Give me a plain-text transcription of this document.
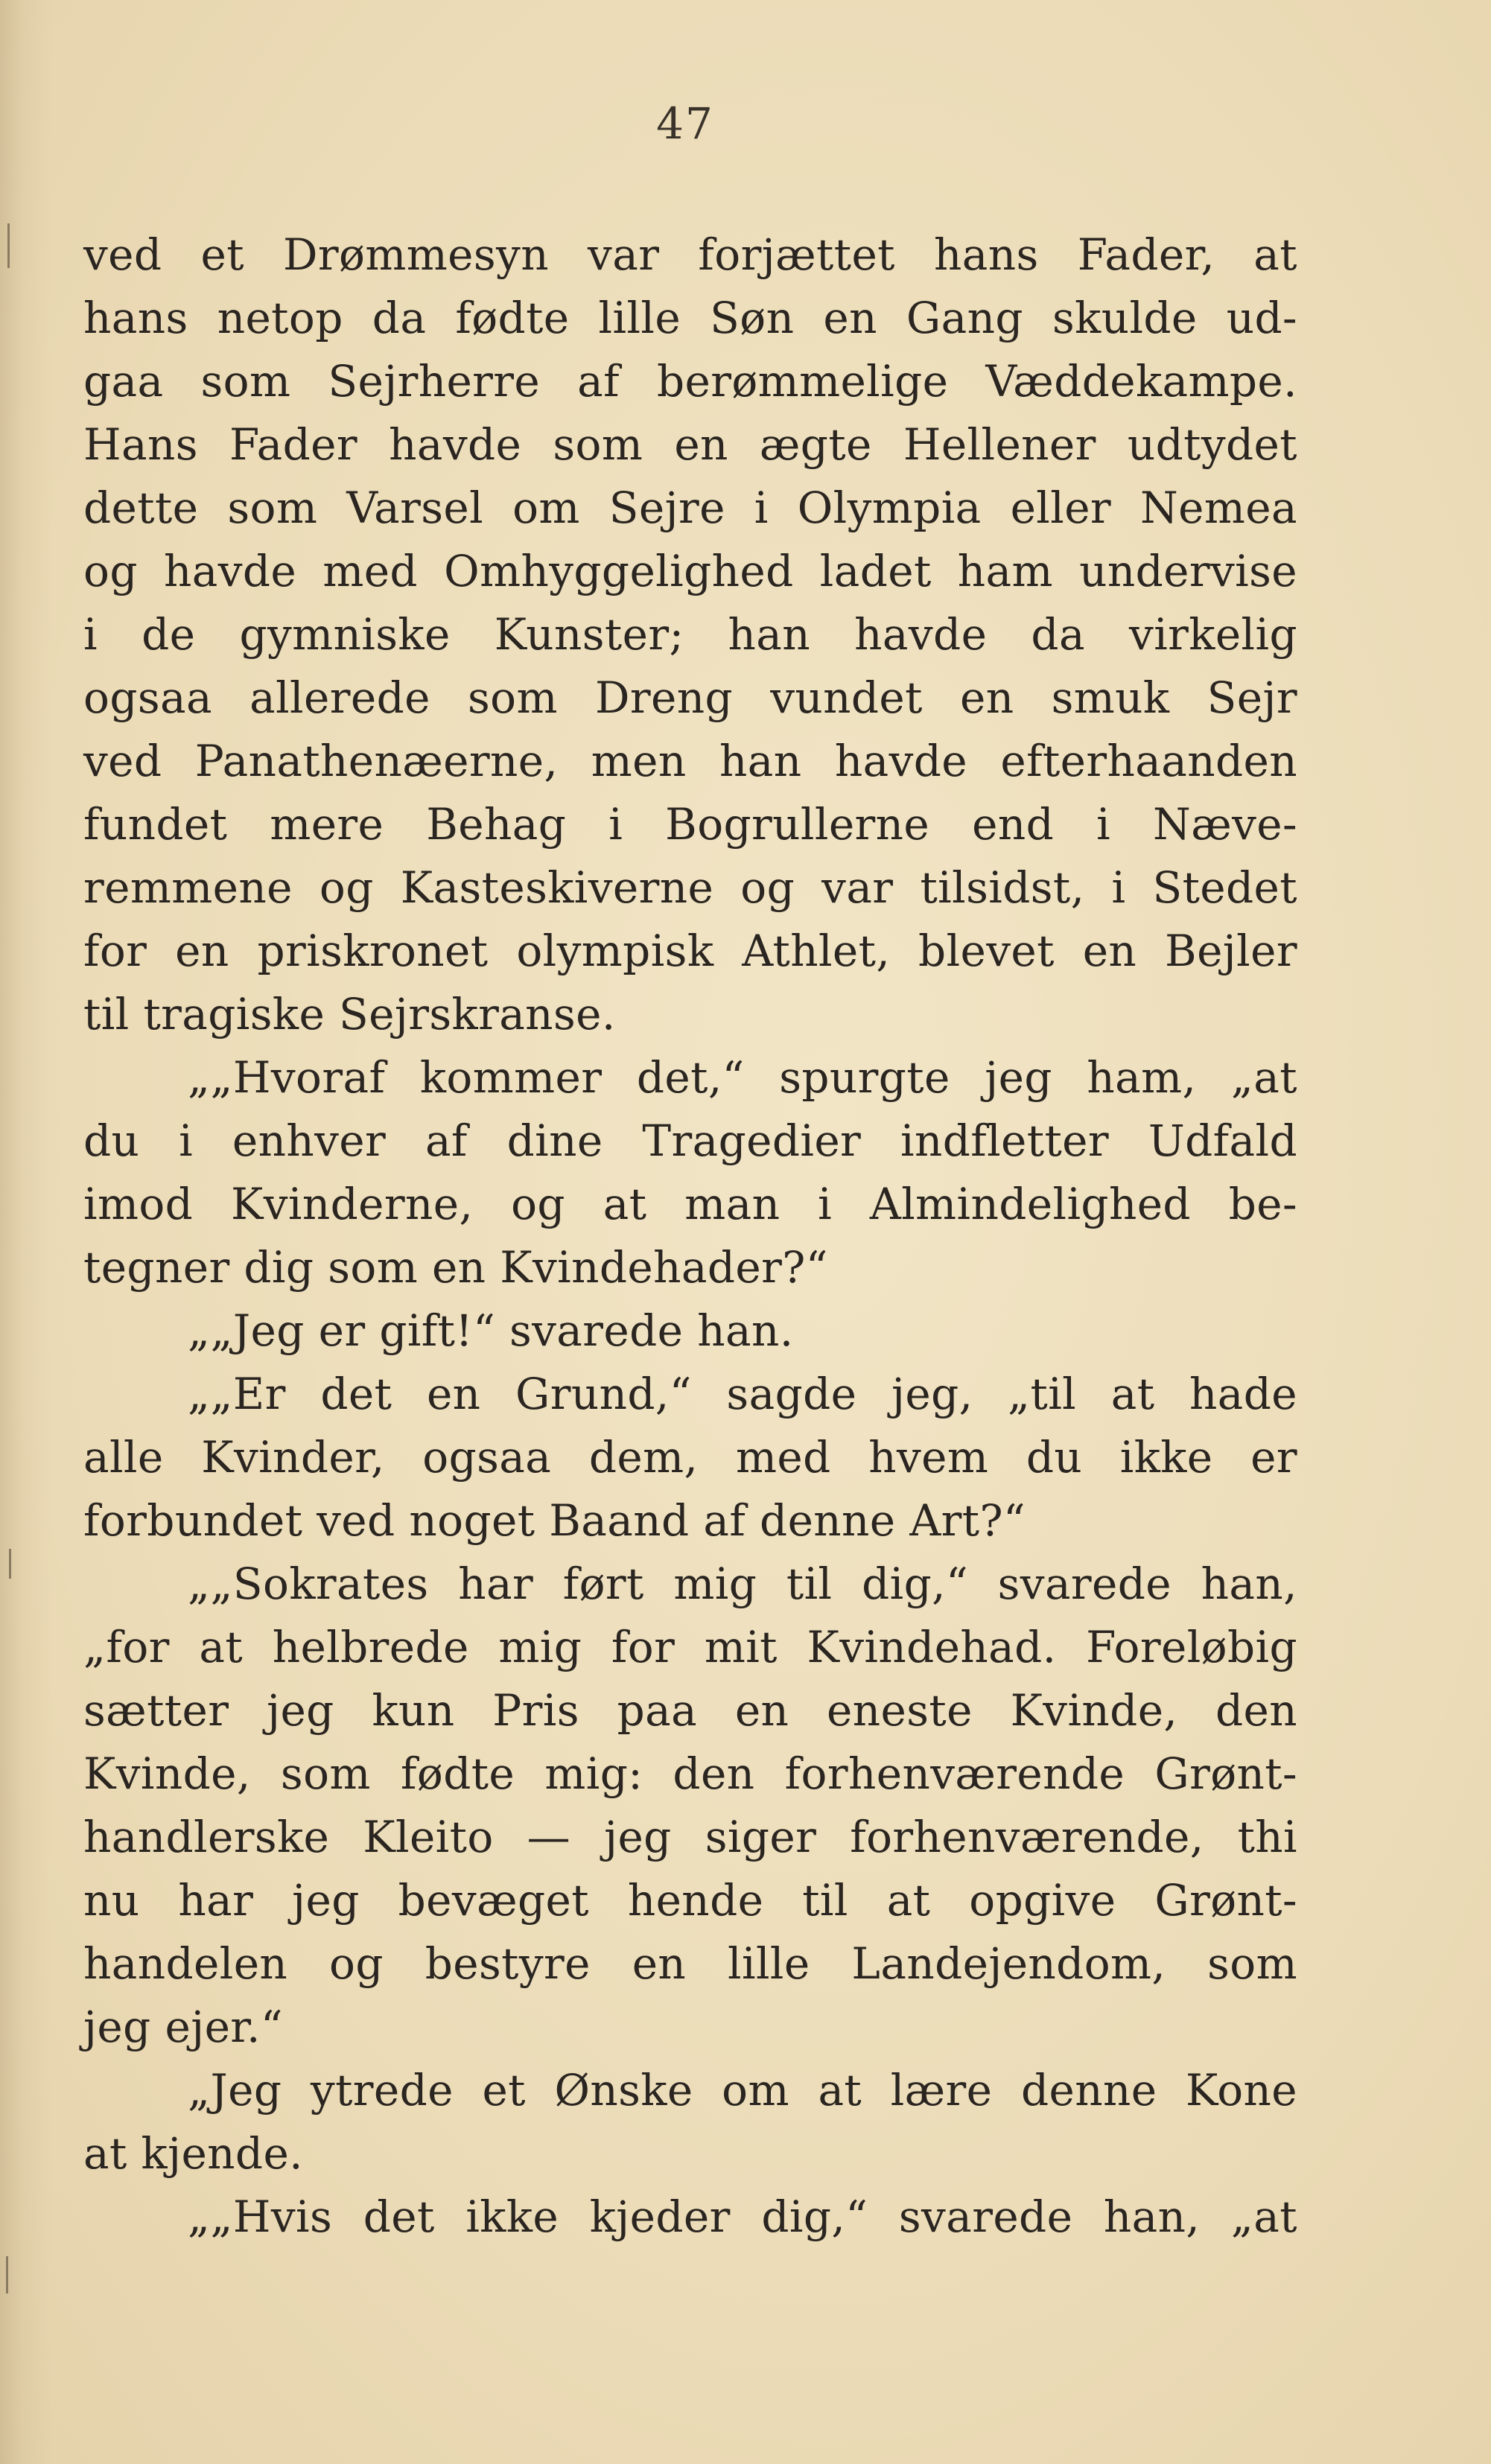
47
ved et Drømmesyn var forjættet hans Fader, at
hans netop da fødte lille Søn en Gang skulde ud-
gaa som Sejrherre af berømmelige Væddekampe.
Hans Fader havde som en ægte Hellener udtydet
dette som Varsel om Sejre i Olympia eller Nemea
og havde med Omhyggelighed ladet ham undervise
i de gymniske Kunster; han havde da virkelig
ogsaa allerede som Dreng vundet en smuk Sejr
ved Panathenæerne, men han havde efterhaanden
fundet mere Behag i Bogrullerne end i Næve-
remmene og Kasteskiverne og var tilsidst, i Stedet
for en priskronet olympisk Athlet, blevet en Bejler
til tragiske Sejrskranse.
„„Hvoraf kommer det,“ spurgte jeg ham, „at
du i enhver af dine Tragedier indfletter Udfald
imod Kvinderne, og at man i Almindelighed be-
tegner dig som en Kvindehader?“
„„Jeg er gift!“ svarede han.
„„Er det en Grund,“ sagde jeg, „til at hade
alle Kvinder, ogsaa dem, med hvem du ikke er
forbundet ved noget Baand af denne Art?“
„„Sokrates har ført mig til dig,“ svarede han,
„for at helbrede mig for mit Kvindehad. Foreløbig
sætter jeg kun Pris paa en eneste Kvinde, den
Kvinde, som fødte mig: den forhenværende Grønt-
handlerske Kleito — jeg siger forhenværende, thi
nu har jeg bevæget hende til at opgive Grønt-
handelen og bestyre en lille Landejendom, som
jeg ejer.“
„Jeg ytrede et Ønske om at lære denne Kone
at kjende.
„„Hvis det ikke kjeder dig,“ svarede han, „at
